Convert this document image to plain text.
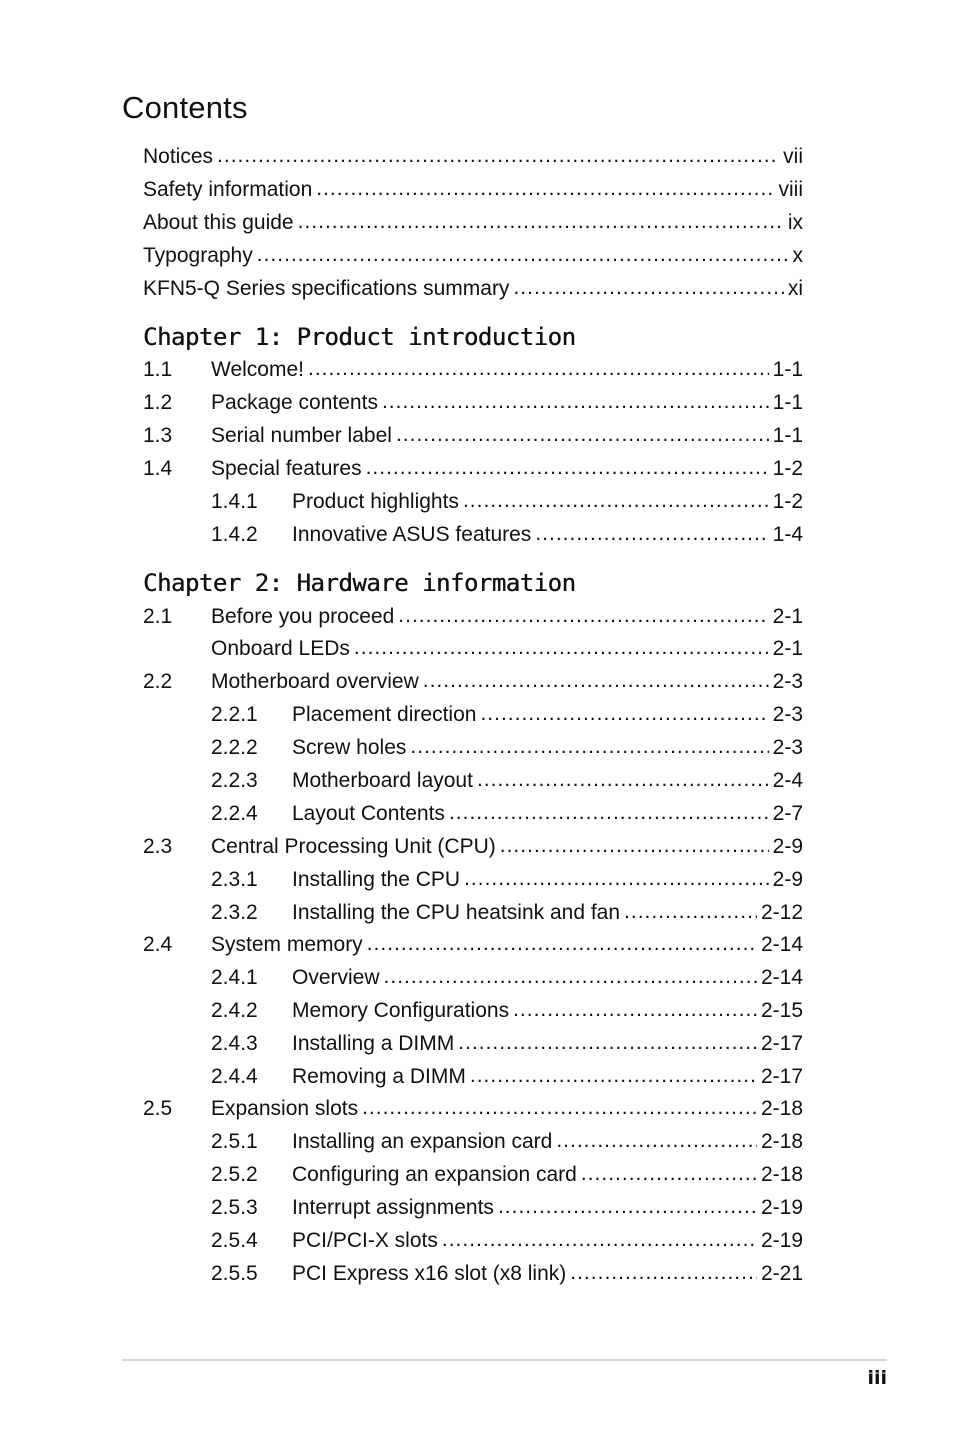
Contents
Notices .....	vii
Safety information .....	viii
About this guide .....	ix
Typography .....	x
KFN5-Q Series specifications summary .....	xi
Chapter 1: Product introduction
1.1	Welcome! .....	1-1
1.2	Package contents .....	1-1
1.3	Serial number label .....	1-1
1.4	Special features .....	1-2
1.4.1	Product highlights .....	1-2
1.4.2	Innovative ASUS features .....	1-4
Chapter 2: Hardware information
2.1	Before you proceed .....	2-1
Onboard LEDs .....	2-1
2.2	Motherboard overview .....	2-3
2.2.1	Placement direction .....	2-3
2.2.2	Screw holes .....	2-3
2.2.3	Motherboard layout .....	2-4
2.2.4	Layout Contents .....	2-7
2.3	Central Processing Unit (CPU) .....	2-9
2.3.1	Installing the CPU .....	2-9
2.3.2	Installing the CPU heatsink and fan .....	2-12
2.4	System memory .....	2-14
2.4.1	Overview .....	2-14
2.4.2	Memory Configurations .....	2-15
2.4.3	Installing a DIMM .....	2-17
2.4.4	Removing a DIMM .....	2-17
2.5	Expansion slots .....	2-18
2.5.1	Installing an expansion card .....	2-18
2.5.2	Configuring an expansion card .....	2-18
2.5.3	Interrupt assignments .....	2-19
2.5.4	PCI/PCI-X slots .....	2-19
2.5.5	PCI Express x16 slot (x8 link) .....	2-21
iii
